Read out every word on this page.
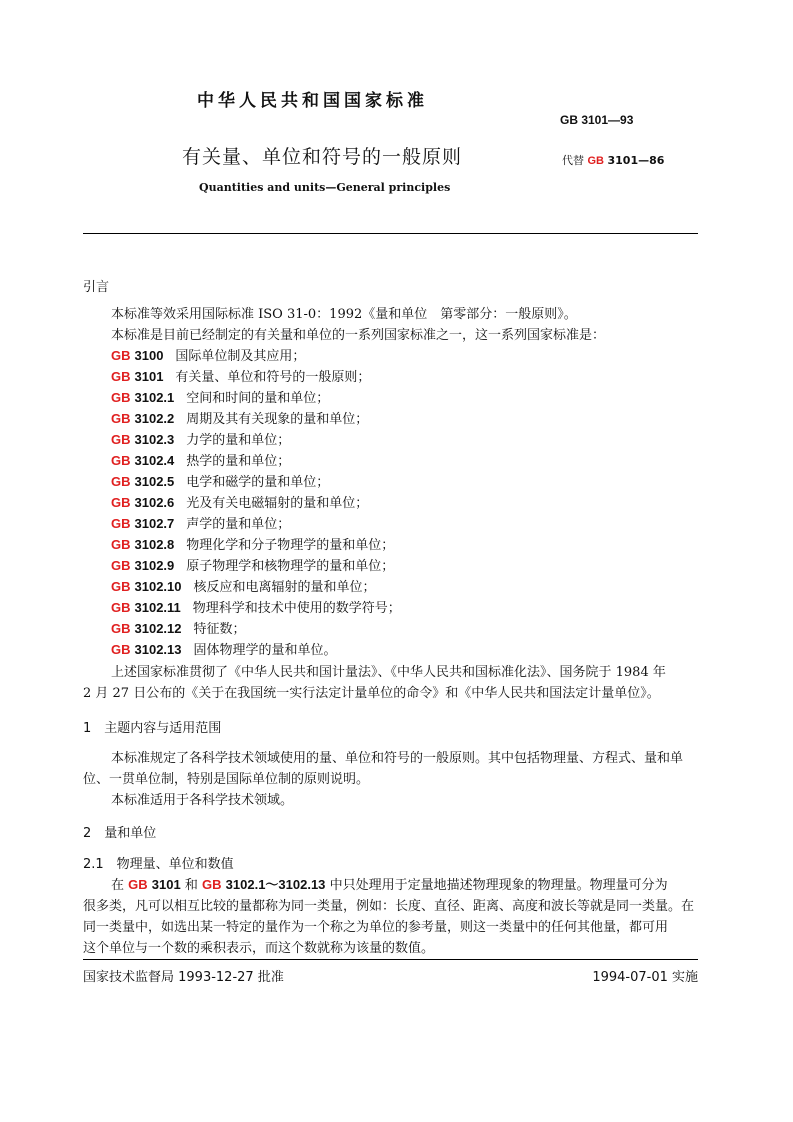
中华人民共和国国家标准
GB 3101—93
有关量、单位和符号的一般原则	代替 GB 3101—86
Quantities and units—General principles
引言
本标准等效采用国际标准 ISO 31-0：1992《量和单位　第零部分：一般原则》。
本标准是目前已经制定的有关量和单位的一系列国家标准之一，这一系列国家标准是：
GB 3100 国际单位制及其应用；
GB 3101 有关量、单位和符号的一般原则；
GB 3102.1 空间和时间的量和单位；
GB 3102.2 周期及其有关现象的量和单位；
GB 3102.3 力学的量和单位；
GB 3102.4 热学的量和单位；
GB 3102.5 电学和磁学的量和单位；
GB 3102.6 光及有关电磁辐射的量和单位；
GB 3102.7 声学的量和单位；
GB 3102.8 物理化学和分子物理学的量和单位；
GB 3102.9 原子物理学和核物理学的量和单位；
GB 3102.10 核反应和电离辐射的量和单位；
GB 3102.11 物理科学和技术中使用的数学符号；
GB 3102.12 特征数；
GB 3102.13 固体物理学的量和单位。
上述国家标准贯彻了《中华人民共和国计量法》、《中华人民共和国标准化法》、国务院于 1984 年
2 月 27 日公布的《关于在我国统一实行法定计量单位的命令》和《中华人民共和国法定计量单位》。
1　主题内容与适用范围
本标准规定了各科学技术领域使用的量、单位和符号的一般原则。其中包括物理量、方程式、量和单
位、一贯单位制，特别是国际单位制的原则说明。
本标准适用于各科学技术领域。
2　量和单位
2.1　物理量、单位和数值
在 GB 3101 和 GB 3102.1～3102.13 中只处理用于定量地描述物理现象的物理量。物理量可分为
很多类，凡可以相互比较的量都称为同一类量，例如：长度、直径、距离、高度和波长等就是同一类量。在
同一类量中，如选出某一特定的量作为一个称之为单位的参考量，则这一类量中的任何其他量，都可用
这个单位与一个数的乘积表示，而这个数就称为该量的数值。
国家技术监督局 1993-12-27 批准	1994-07-01 实施
